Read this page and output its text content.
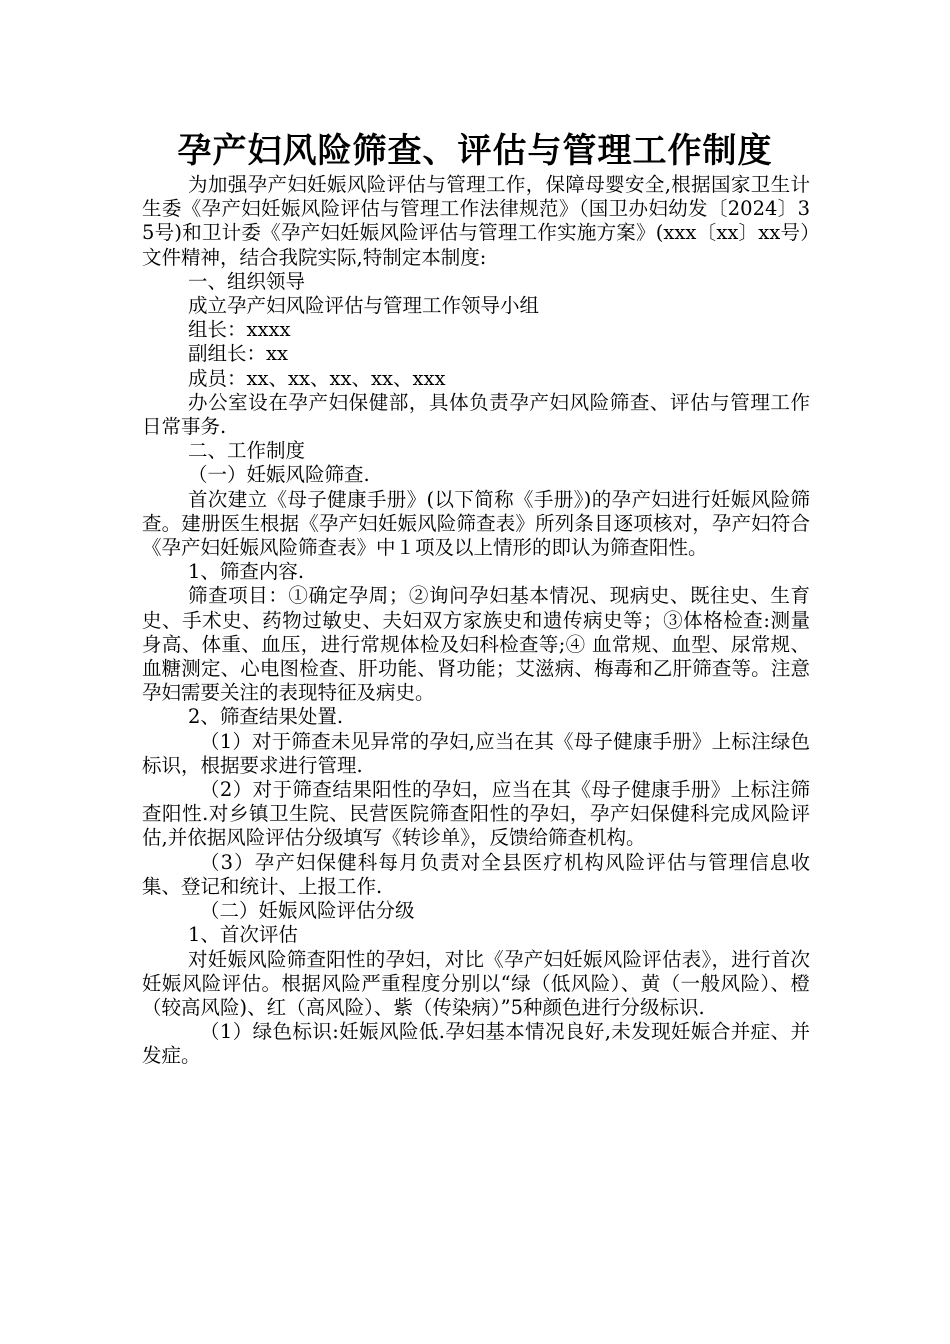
孕产妇风险筛查、评估与管理工作制度

为加强孕产妇妊娠风险评估与管理工作，保障母婴安全,根据国家卫生计生委《孕产妇妊娠风险评估与管理工作法律规范》（国卫办妇幼发〔2024〕35号)和卫计委《孕产妇妊娠风险评估与管理工作实施方案》(xxx〔xx〕xx号）文件精神，结合我院实际,特制定本制度:

一、组织领导

成立孕产妇风险评估与管理工作领导小组

组长：xxxx

副组长：xx

成员：xx、xx、xx、xx、xxx

办公室设在孕产妇保健部，具体负责孕产妇风险筛查、评估与管理工作日常事务.

二、工作制度

（一）妊娠风险筛查.

首次建立《母子健康手册》(以下简称《手册》)的孕产妇进行妊娠风险筛查。建册医生根据《孕产妇妊娠风险筛查表》所列条目逐项核对，孕产妇符合《孕产妇妊娠风险筛查表》中１项及以上情形的即认为筛查阳性。

1、筛查内容.

筛查项目：①确定孕周；②询问孕妇基本情况、现病史、既往史、生育史、手术史、药物过敏史、夫妇双方家族史和遗传病史等；③体格检查:测量身高、体重、血压，进行常规体检及妇科检查等;④ 血常规、血型、尿常规、血糖测定、心电图检查、肝功能、肾功能；艾滋病、梅毒和乙肝筛查等。注意孕妇需要关注的表现特征及病史。

2、筛查结果处置.

（1）对于筛查未见异常的孕妇,应当在其《母子健康手册》上标注绿色标识，根据要求进行管理.

（2）对于筛查结果阳性的孕妇，应当在其《母子健康手册》上标注筛查阳性.对乡镇卫生院、民营医院筛查阳性的孕妇，孕产妇保健科完成风险评估,并依据风险评估分级填写《转诊单》，反馈给筛查机构。

（3）孕产妇保健科每月负责对全县医疗机构风险评估与管理信息收集、登记和统计、上报工作.

（二）妊娠风险评估分级

1、首次评估

对妊娠风险筛查阳性的孕妇，对比《孕产妇妊娠风险评估表》，进行首次妊娠风险评估。根据风险严重程度分别以“绿（低风险）、黄（一般风险）、橙（较高风险)、红（高风险）、紫（传染病）”5种颜色进行分级标识.

（1）绿色标识:妊娠风险低.孕妇基本情况良好,未发现妊娠合并症、并发症。
